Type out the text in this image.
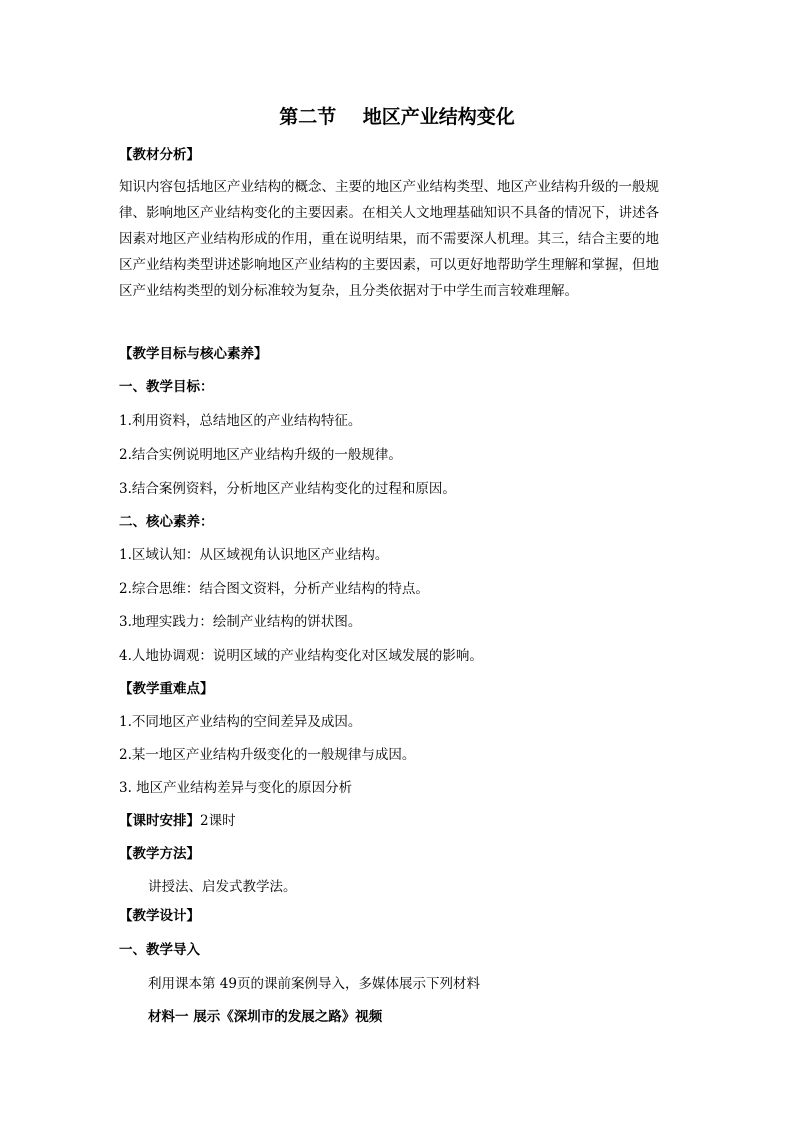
第二节    地区产业结构变化
【教材分析】
知识内容包括地区产业结构的概念、主要的地区产业结构类型、地区产业结构升级的一般规
律、影响地区产业结构变化的主要因素。在相关人文地理基础知识不具备的情况下，讲述各
因素对地区产业结构形成的作用，重在说明结果，而不需要深人机理。其三，结合主要的地
区产业结构类型讲述影响地区产业结构的主要因素，可以更好地帮助学生理解和掌握，但地
区产业结构类型的划分标准较为复杂，且分类依据对于中学生而言较难理解。
【教学目标与核心素养】
一、教学目标：
1.利用资料，总结地区的产业结构特征。
2.结合实例说明地区产业结构升级的一般规律。
3.结合案例资料，分析地区产业结构变化的过程和原因。
二、核心素养：
1.区域认知：从区域视角认识地区产业结构。
2.综合思维：结合图文资料，分析产业结构的特点。
3.地理实践力：绘制产业结构的饼状图。
4.人地协调观：说明区域的产业结构变化对区域发展的影响。
【教学重难点】
1.不同地区产业结构的空间差异及成因。
2.某一地区产业结构升级变化的一般规律与成因。
3. 地区产业结构差异与变化的原因分析
【课时安排】2课时
【教学方法】
讲授法、启发式教学法。
【教学设计】
一、教学导入
利用课本第 49页的课前案例导入，多媒体展示下列材料
材料一 展示《深圳市的发展之路》视频
